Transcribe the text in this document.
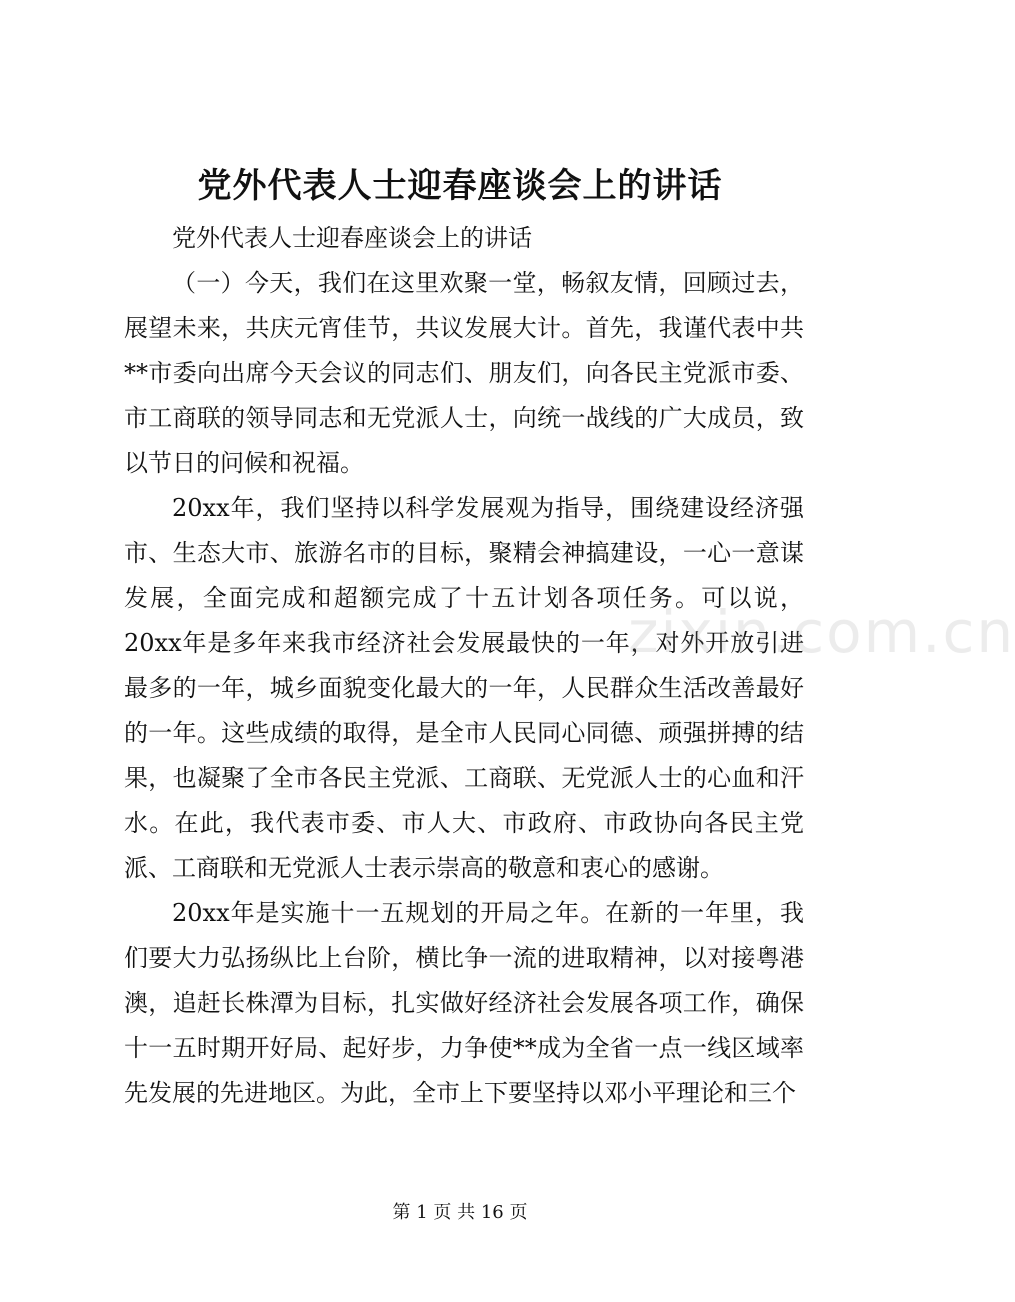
党外代表人士迎春座谈会上的讲话

党外代表人士迎春座谈会上的讲话

（一）今天，我们在这里欢聚一堂，畅叙友情，回顾过去，展望未来，共庆元宵佳节，共议发展大计。首先，我谨代表中共**市委向出席今天会议的同志们、朋友们，向各民主党派市委、市工商联的领导同志和无党派人士，向统一战线的广大成员，致以节日的问候和祝福。

20xx年，我们坚持以科学发展观为指导，围绕建设经济强市、生态大市、旅游名市的目标，聚精会神搞建设，一心一意谋发展，全面完成和超额完成了十五计划各项任务。可以说，20xx年是多年来我市经济社会发展最快的一年，对外开放引进最多的一年，城乡面貌变化最大的一年，人民群众生活改善最好的一年。这些成绩的取得，是全市人民同心同德、顽强拼搏的结果，也凝聚了全市各民主党派、工商联、无党派人士的心血和汗水。在此，我代表市委、市人大、市政府、市政协向各民主党派、工商联和无党派人士表示崇高的敬意和衷心的感谢。

20xx年是实施十一五规划的开局之年。在新的一年里，我们要大力弘扬纵比上台阶，横比争一流的进取精神，以对接粤港澳，追赶长株潭为目标，扎实做好经济社会发展各项工作，确保十一五时期开好局、起好步，力争使**成为全省一点一线区域率先发展的先进地区。为此，全市上下要坚持以邓小平理论和三个

zixin.com.cn
第 1 页 共 16 页
